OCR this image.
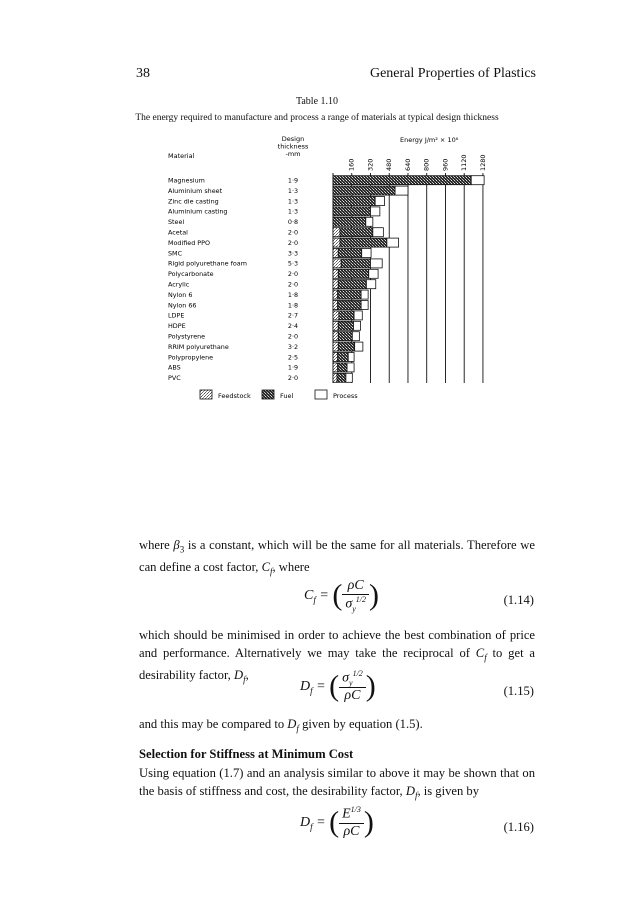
38	General Properties of Plastics
Table 1.10
The energy required to manufacture and process a range of materials at typical design thickness
Material
Design
thickness
-mm
Energy J/m² × 10⁶
160 320 480 640 800 960 1120 1280
Magnesium	1·9
Aluminium sheet	1·3
Zinc die casting	1·3
Aluminium casting	1·3
Steel	0·8
Acetal	2·0
Modified PPO	2·0
SMC	3·3
Rigid polyurethane foam	5·3
Polycarbonate	2·0
Acrylic	2·0
Nylon 6	1·8
Nylon 66	1·8
LDPE	2·7
HDPE	2·4
Polystyrene	2·0
RRIM polyurethane	3·2
Polypropylene	2·5
ABS	1·9
PVC	2·0
Feedstock	Fuel	Process
where $\beta_3$ is a constant, which will be the same for all materials. Therefore we can define a cost factor, $C_f$, where
$C_f$ = ( $\frac{\rho C}{\sigma_y^{1/2}}$ )	(1.14)
which should be minimised in order to achieve the best combination of price and performance. Alternatively we may take the reciprocal of $C_f$ to get a desirability factor, $D_f$,
$D_f$ = ( $\frac{\sigma_y^{1/2}}{\rho C}$ )	(1.15)
and this may be compared to $D_f$ given by equation (1.5).
Selection for Stiffness at Minimum Cost
Using equation (1.7) and an analysis similar to above it may be shown that on the basis of stiffness and cost, the desirability factor, $D_f$, is given by
$D_f$ = ( $\frac{E^{1/3}}{\rho C}$ )	(1.16)
